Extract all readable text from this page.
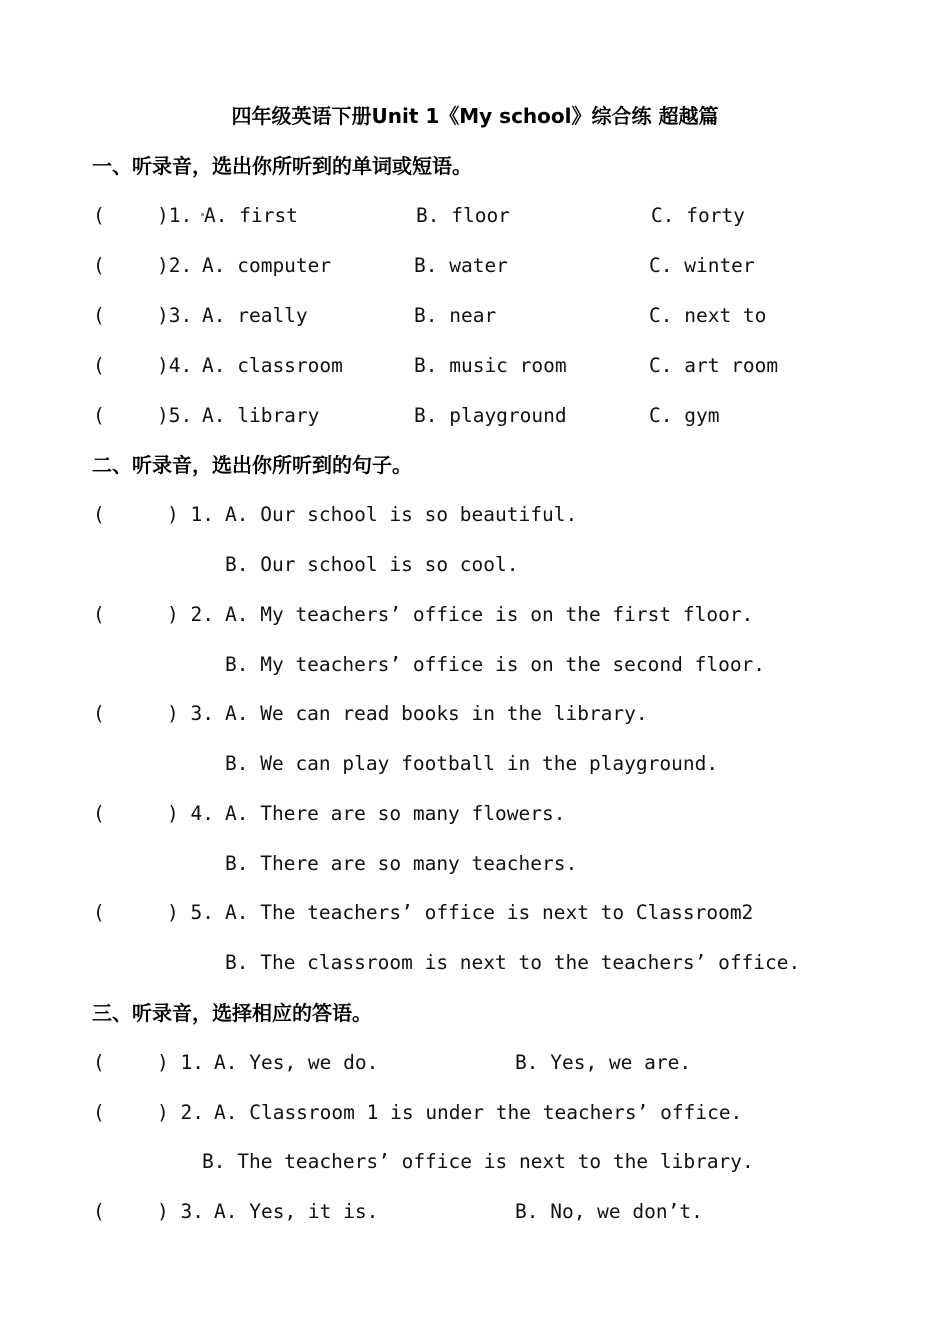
四年级英语下册Unit 1《My school》综合练 超越篇
一、听录音，选出你所听到的单词或短语。
(	)1. A. first	B. floor	C. forty
(	)2. A. computer	B. water	C. winter
(	)3. A. really	B. near	C. next to
(	)4. A. classroom	B. music room	C. art room
(	)5. A. library	B. playground	C. gym
二、听录音，选出你所听到的句子。
(	) 1. A. Our school is so beautiful.
B. Our school is so cool.
(	) 2. A. My teachers’ office is on the first floor.
B. My teachers’ office is on the second floor.
(	) 3. A. We can read books in the library.
B. We can play football in the playground.
(	) 4. A. There are so many flowers.
B. There are so many teachers.
(	) 5. A. The teachers’ office is next to Classroom2
B. The classroom is next to the teachers’ office.
三、听录音，选择相应的答语。
(	) 1. A. Yes, we do.	B. Yes, we are.
(	) 2. A. Classroom 1 is under the teachers’ office.
B. The teachers’ office is next to the library.
(	) 3. A. Yes, it is.	B. No, we don’t.
